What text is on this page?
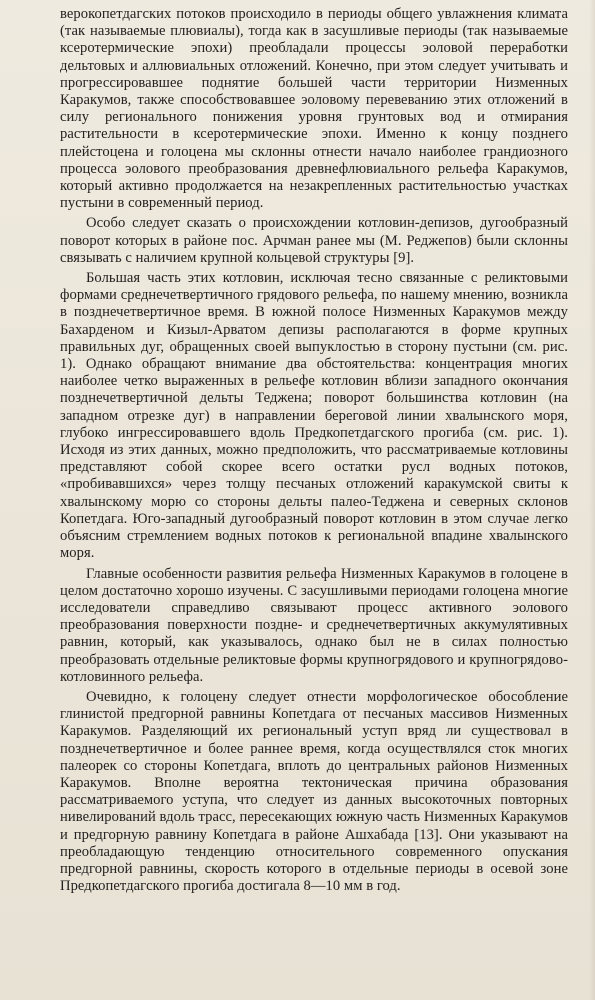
верокопетдагских потоков происходило в периоды общего увлажнения климата (так называемые плювиалы), тогда как в засушливые периоды (так называемые ксеротермические эпохи) преобладали процессы эоловой переработки дельтовых и аллювиальных отложений. Конечно, при этом следует учитывать и прогрессировавшее поднятие большей части территории Низменных Каракумов, также способствовавшее эоловому перевеванию этих отложений в силу регионального понижения уровня грунтовых вод и отмирания растительности в ксеротермические эпохи. Именно к концу позднего плейстоцена и голоцена мы склонны отнести начало наиболее грандиозного процесса эолового преобразования древнефлювиального рельефа Каракумов, который активно продолжается на незакрепленных растительностью участках пустыни в современный период.

Особо следует сказать о происхождении котловин-депизов, дугообразный поворот которых в районе пос. Арчман ранее мы (М. Реджепов) были склонны связывать с наличием крупной кольцевой структуры [9].

Большая часть этих котловин, исключая тесно связанные с реликтовыми формами среднечетвертичного грядового рельефа, по нашему мнению, возникла в позднечетвертичное время. В южной полосе Низменных Каракумов между Бахарденом и Кизыл-Арватом депизы располагаются в форме крупных правильных дуг, обращенных своей выпуклостью в сторону пустыни (см. рис. 1). Однако обращают внимание два обстоятельства: концентрация многих наиболее четко выраженных в рельефе котловин вблизи западного окончания позднечетвертичной дельты Теджена; поворот большинства котловин (на западном отрезке дуг) в направлении береговой линии хвалынского моря, глубоко ингрессировавшего вдоль Предкопетдагского прогиба (см. рис. 1). Исходя из этих данных, можно предположить, что рассматриваемые котловины представляют собой скорее всего остатки русл водных потоков, «пробивавшихся» через толщу песчаных отложений каракумской свиты к хвалынскому морю со стороны дельты палео-Теджена и северных склонов Копетдага. Юго-западный дугообразный поворот котловин в этом случае легко объясним стремлением водных потоков к региональной впадине хвалынского моря.

Главные особенности развития рельефа Низменных Каракумов в голоцене в целом достаточно хорошо изучены. С засушливыми периодами голоцена многие исследователи справедливо связывают процесс активного эолового преобразования поверхности поздне- и среднечетвертичных аккумулятивных равнин, который, как указывалось, однако был не в силах полностью преобразовать отдельные реликтовые формы крупногрядового и крупногрядово-котловинного рельефа.

Очевидно, к голоцену следует отнести морфологическое обособление глинистой предгорной равнины Копетдага от песчаных массивов Низменных Каракумов. Разделяющий их региональный уступ вряд ли существовал в позднечетвертичное и более раннее время, когда осуществлялся сток многих палеорек со стороны Копетдага, вплоть до центральных районов Низменных Каракумов. Вполне вероятна тектоническая причина образования рассматриваемого уступа, что следует из данных высокоточных повторных нивелирований вдоль трасс, пересекающих южную часть Низменных Каракумов и предгорную равнину Копетдага в районе Ашхабада [13]. Они указывают на преобладающую тенденцию относительного современного опускания предгорной равнины, скорость которого в отдельные периоды в осевой зоне Предкопетдагского прогиба достигала 8—10 мм в год.
